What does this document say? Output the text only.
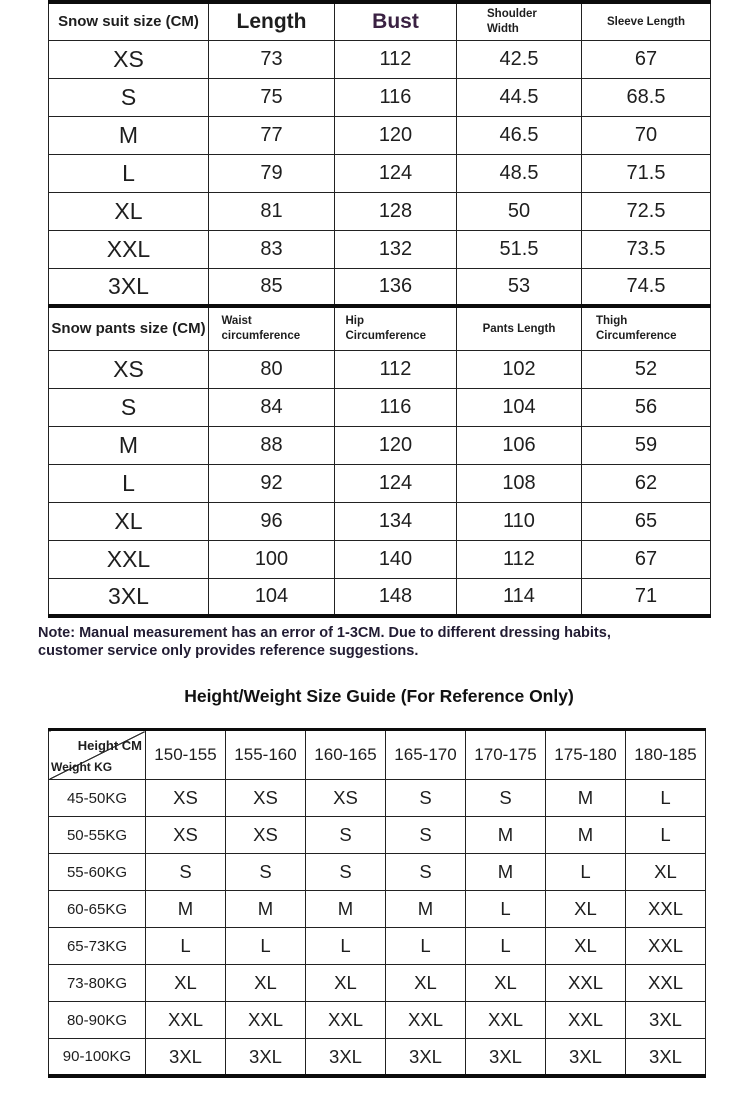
Snow suit size (CM)	Length	Bust	Shoulder Width	Sleeve Length
XS	73	112	42.5	67
S	75	116	44.5	68.5
M	77	120	46.5	70
L	79	124	48.5	71.5
XL	81	128	50	72.5
XXL	83	132	51.5	73.5
3XL	85	136	53	74.5
Snow pants size (CM)	Waist circumference	Hip Circumference	Pants Length	Thigh Circumference
XS	80	112	102	52
S	84	116	104	56
M	88	120	106	59
L	92	124	108	62
XL	96	134	110	65
XXL	100	140	112	67
3XL	104	148	114	71

Note: Manual measurement has an error of 1-3CM. Due to different dressing habits, customer service only provides reference suggestions.

Height/Weight Size Guide (For Reference Only)
Height CM
Weight KG	150-155	155-160	160-165	165-170	170-175	175-180	180-185
45-50KG	XS	XS	XS	S	S	M	L
50-55KG	XS	XS	S	S	M	M	L
55-60KG	S	S	S	S	M	L	XL
60-65KG	M	M	M	M	L	XL	XXL
65-73KG	L	L	L	L	L	XL	XXL
73-80KG	XL	XL	XL	XL	XL	XXL	XXL
80-90KG	XXL	XXL	XXL	XXL	XXL	XXL	3XL
90-100KG	3XL	3XL	3XL	3XL	3XL	3XL	3XL
